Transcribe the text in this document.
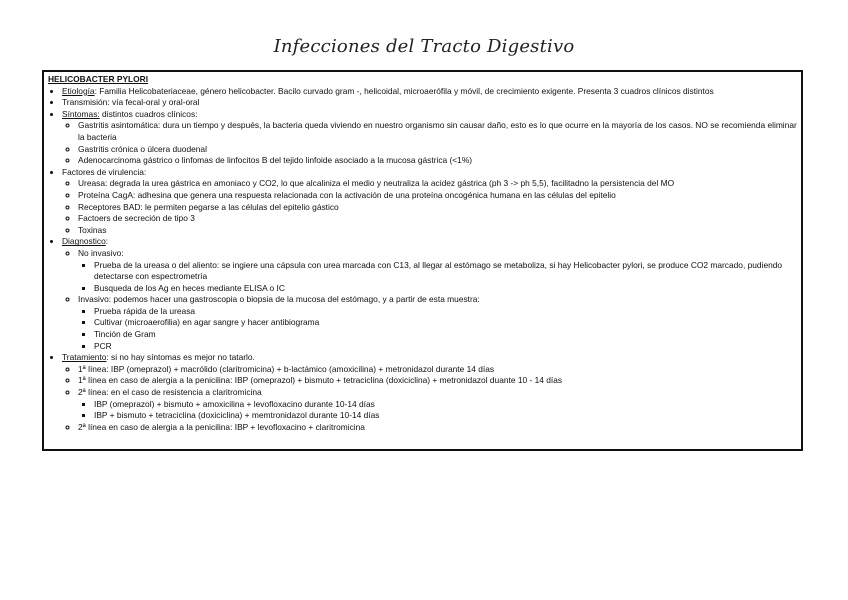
Infecciones del Tracto Digestivo
HELICOBACTER PYLORI
• Etiología: Familia Helicobateriaceae, género helicobacter. Bacilo curvado gram -, helicoidal, microaerófila y móvil, de crecimiento exigente. Presenta 3 cuadros clínicos distintos
• Transmisión: vía fecal-oral y oral-oral
• Síntomas: distintos cuadros clínicos:
◦ Gastritis asintomática: dura un tiempo y después, la bacteria queda viviendo en nuestro organismo sin causar daño, esto es lo que ocurre en la mayoría de los casos. NO se recomienda eliminar la bacteria
◦ Gastritis crónica o úlcera duodenal
◦ Adenocarcinoma gástrico o linfomas de linfocitos B del tejido linfoide asociado a la mucosa gástrica (<1%)
• Factores de virulencia:
◦ Ureasa: degrada la urea gástrica en amoniaco y CO2, lo que alcaliniza el medio y neutraliza la acidez gástrica (ph 3 -> ph 5,5), facilitadno la persistencia del MO
◦ Proteína CagA: adhesina que genera una respuesta relacionada con la activación de una proteína oncogénica humana en las células del epitelio
◦ Receptores BAD: le permiten pegarse a las células del epitelio gástico
◦ Factoers de secreción de tipo 3
◦ Toxinas
• Diagnostico:
◦ No invasivo:
▪ Prueba de la ureasa o del aliento: se ingiere una cápsula con urea marcada con C13, al llegar al estómago se metaboliza, si hay Helicobacter pylori, se produce CO2 marcado, pudiendo detectarse con espectrometría
▪ Busqueda de los Ag en heces mediante ELISA o IC
◦ Invasivo: podemos hacer una gastroscopia o biopsia de la mucosa del estómago, y a partir de esta muestra:
▪ Prueba rápida de la ureasa
▪ Cultivar (microaerofilia) en agar sangre y hacer antibiograma
▪ Tinción de Gram
▪ PCR
• Tratamiento: si no hay síntomas es mejor no tatarlo.
◦ 1ª línea: IBP (omeprazol) + macrólido (claritromicina) + b-lactámico (amoxicilina) + metronidazol durante 14 días
◦ 1ª línea en caso de alergia a la penicilina: IBP (omeprazol) + bismuto + tetraciclina (doxiciclina) + metronidazol duante 10 - 14 días
◦ 2ª línea: en el caso de resistencia a claritromicina
▪ IBP (omeprazol) + bismuto + amoxicilina + levofloxacino durante 10-14 días
▪ IBP + bismuto + tetraciclina (doxiciclina) + memtronidazol durante 10-14 días
◦ 2ª línea en caso de alergia a la penicilina: IBP + levofloxacino + claritromicina
